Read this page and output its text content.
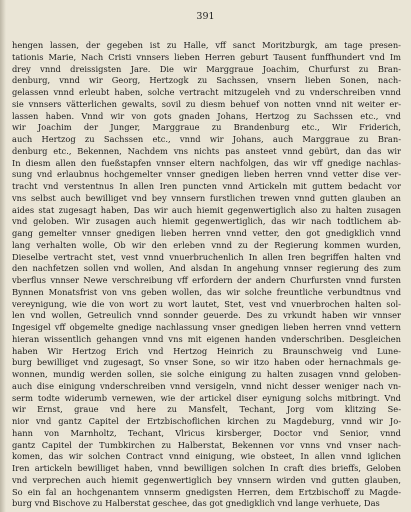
391
hengen lassen, der gegeben ist zu Halle, vff sanct Moritzburgk, am tage presen-
tationis Marie, Nach Cristi vnnsers lieben Herren geburt Tausent funffhundert vnd Im
drey vnnd dreissigsten Jare. Die wir Marggraue Joachim, Churfurst zu Bran-
denburg, vnnd wir Georg, Hertzogk zu Sachssen, vnsern lieben Sonen, nach-
gelassen vnnd erleubt haben, solche vertracht mitzugeleh vnd zu vnderschreiben vnnd
sie vnnsers vätterlichen gewalts, sovil zu diesm behuef von notten vnnd nit weiter er-
lassen haben. Vnnd wir von gots gnaden Johans, Hertzog zu Sachssen etc., vnd
wir Joachim der Junger, Marggraue zu Brandenburg etc., Wir Friderich,
auch Hertzog zu Sachssen etc., vnnd wir Johans, auch Marggraue zu Bran-
denburg etc., Bekennen, Nachdem vns nichts pas ansteet vnnd gebürt, dan das wir
In diesm allen den fueßstapfen vnnser eltern nachfolgen, das wir vff gnedige nachlas-
sung vnd erlaubnus hochgemelter vnnser gnedigen lieben herren vnnd vetter dise ver-
tracht vnd verstentnus In allen Iren puncten vnnd Artickeln mit guttem bedacht vor
vns selbst auch bewilliget vnd bey vnnsern furstlichen trewen vnnd gutten glauben an
aides stat zugesagt haben, Das wir auch hiemit gegenwertiglich also zu halten zusagen
vnd geloben. Wir zusagen auch hiemit gegenwertiglich, das wir nach todtlichem ab-
gang gemelter vnnser gnedigen lieben herren vnnd vetter, den got gnedigklich vnnd
lang verhalten wolle, Ob wir den erleben vnnd zu der Regierung kommen wurden,
Dieselbe vertracht stet, vest vnnd vnuerbruchenlich In allen Iren begriffen halten vnd
den nachfetzen sollen vnd wollen, And alsdan In angehung vnnser regierung des zum
vberflus vnnser Newe verschreibung vff erfordern der andern Churfursten vnnd fursten
Bynnen Monatsfrist von vns geben wollen, das wir solche freuntliche verbundtnus vnd
vereynigung, wie die von wort zu wort lautet, Stet, vest vnd vnuerbrochen halten sol-
len vnd wollen, Getreulich vnnd sonnder geuerde. Des zu vrkundt haben wir vnnser
Ingesigel vff obgemelte gnedige nachlassung vnser gnedigen lieben herren vnnd vettern
hieran wissentlich gehangen vnnd vns mit eigenen handen vnderschriben. Desgleichen
haben Wir Hertzog Erich vnd Hertzog Heinrich zu Braunschweig vnd Lune-
burg bewilliget vnd zugesagt, So vnser Sone, so wir itzo haben oder hernachmals ge-
wonnen, mundig werden sollen, sie solche einigung zu halten zusagen vnnd geloben-
auch dise einigung vnderschreiben vnnd versigeln, vnnd nicht desser weniger nach vn-
serm todte widerumb vernewen, wie der artickel diser eynigung solchs mitbringt. Vnd
wir Ernst, graue vnd here zu Mansfelt, Techant, Jorg vom klitzing Se-
nior vnd gantz Capitel der Ertzbischoflichen kirchen zu Magdeburg, vnnd wir Jo-
hann von Marnholtz, Techant, Vlricus kirsberger, Doctor vnd Senior, vnnd
gantz Capitel der Tumbkirchen zu Halberstat, Bekennen vor vnns vnd vnser nach-
komen, das wir solchen Contract vnnd einigung, wie obsteet, In allen vnnd iglichen
Iren artickeln bewilliget haben, vnnd bewilligen solchen In craft dies brieffs, Geloben
vnd verprechen auch hiemit gegenwertiglich bey vnnsern wirden vnd gutten glauben,
So ein fal an hochgenantem vnnserm gnedigsten Herren, dem Ertzbischoff zu Magde-
burg vnd Bischove zu Halberstat geschee, das got gnedigklich vnd lange verhuete, Das
